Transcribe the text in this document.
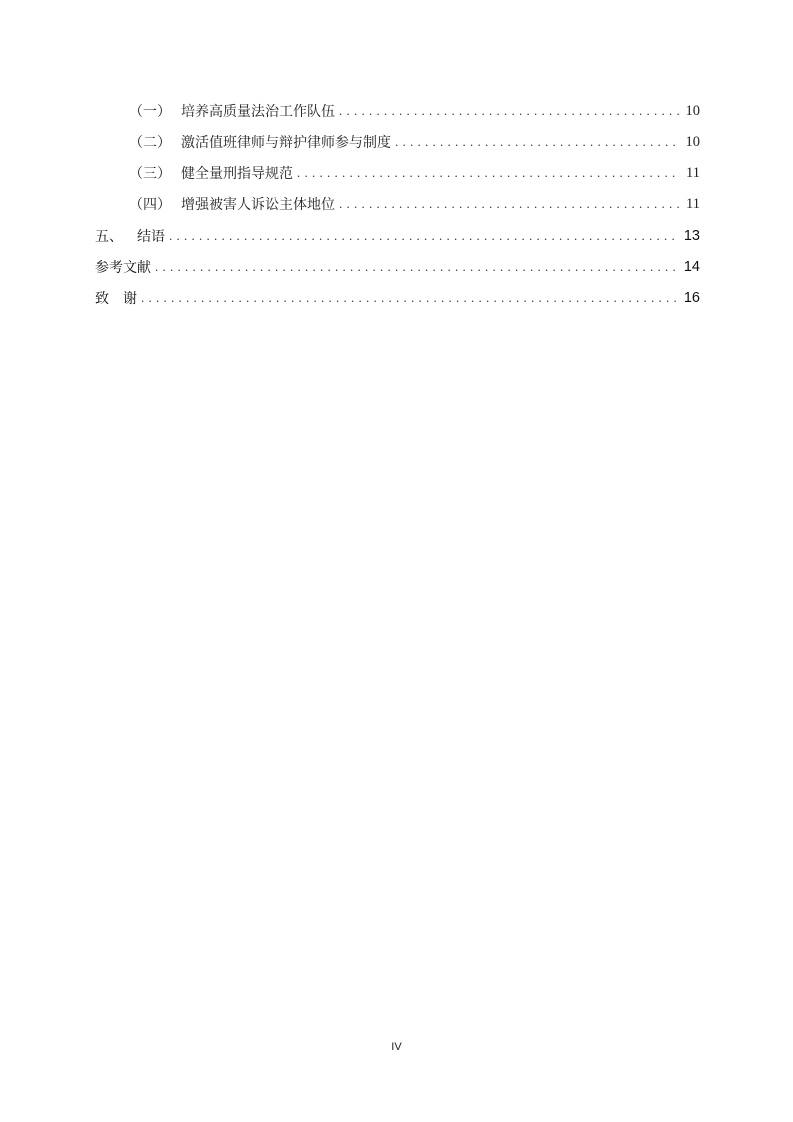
（一） 培养高质量法治工作队伍 . . .	10
（二） 激活值班律师与辩护律师参与制度 . . .	10
（三） 健全量刑指导规范 . . .	11
（四） 增强被害人诉讼主体地位 . . .	11
五、 结语 . . .	13
参考文献 . . .	14
致　谢 . . .	16
IV
